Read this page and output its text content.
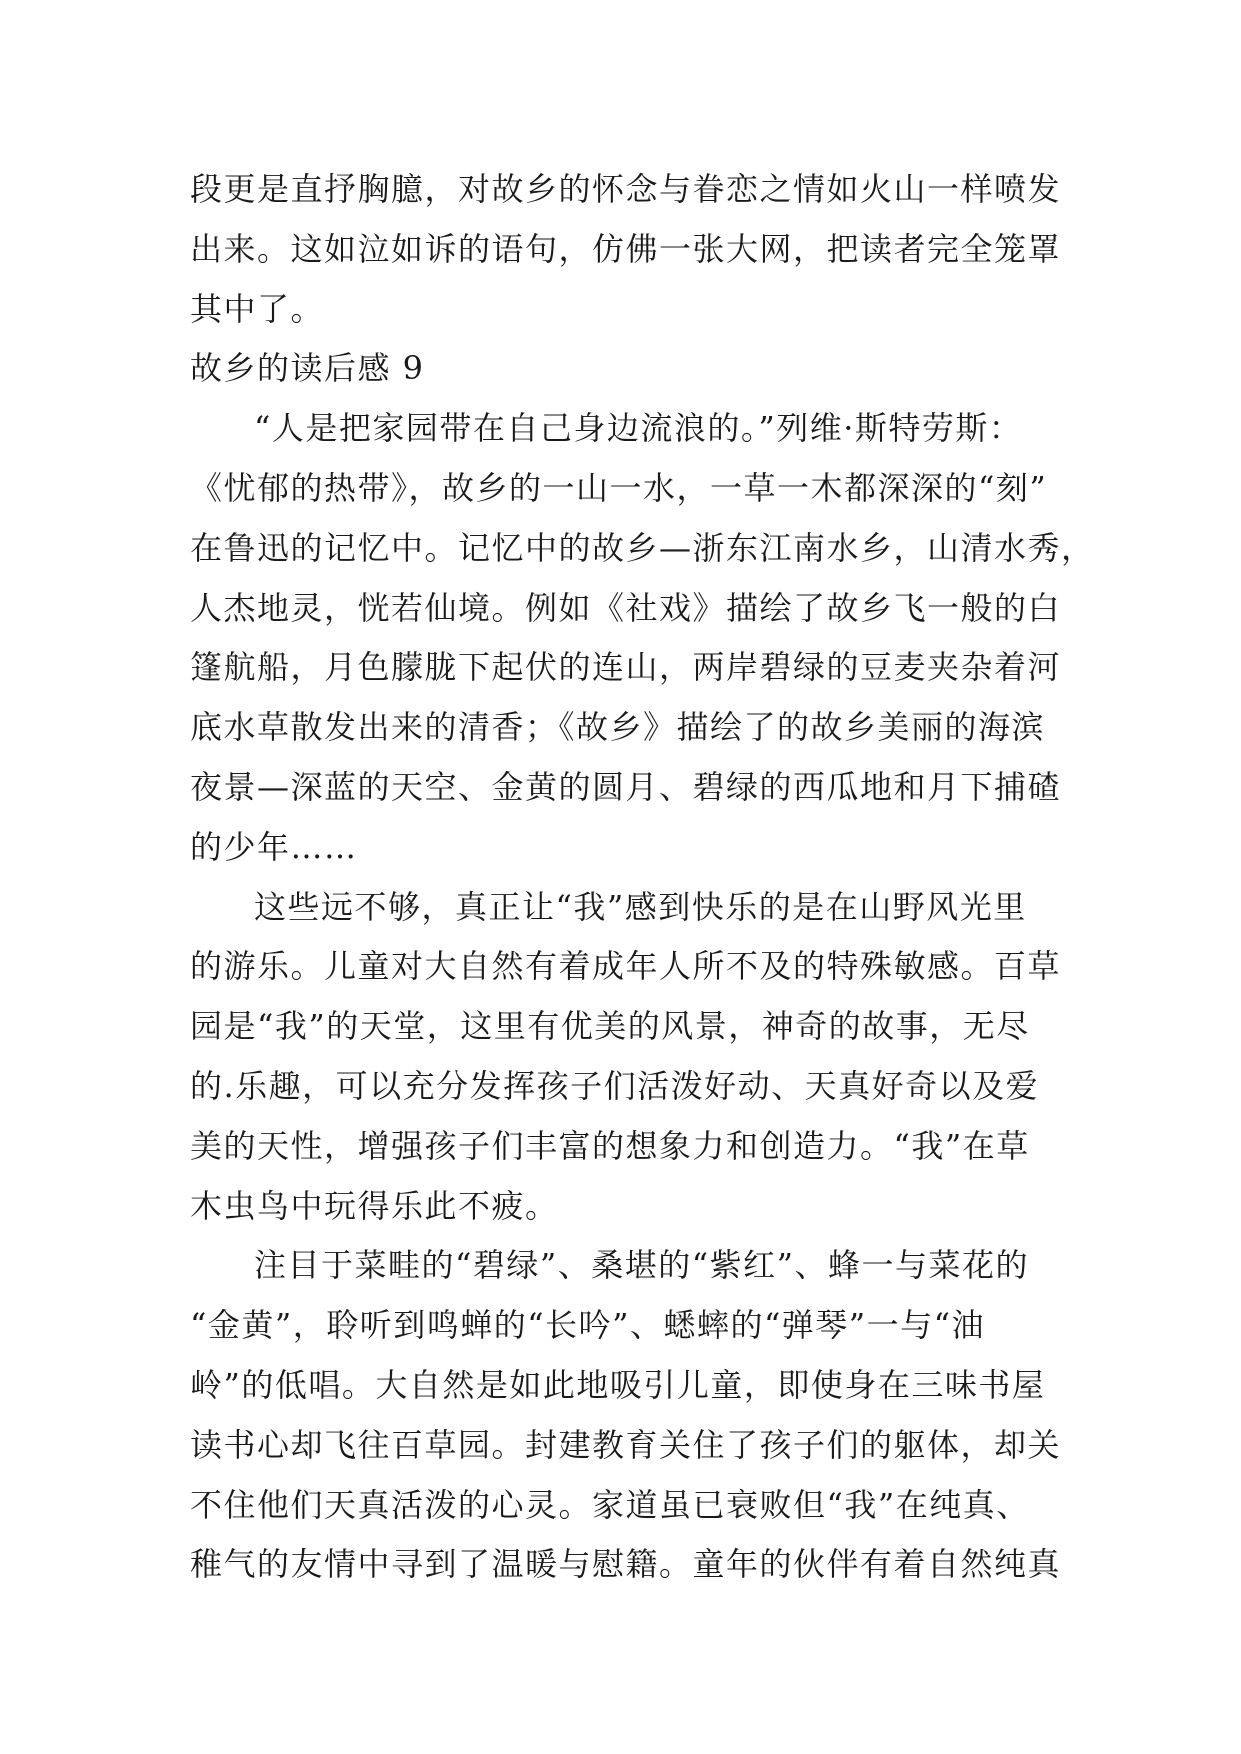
段更是直抒胸臆，对故乡的怀念与眷恋之情如火山一样喷发
出来。这如泣如诉的语句，仿佛一张大网，把读者完全笼罩
其中了。
故乡的读后感 9
“人是把家园带在自己身边流浪的。”列维·斯特劳斯：
《忧郁的热带》，故乡的一山一水，一草一木都深深的“刻”
在鲁迅的记忆中。记忆中的故乡—浙东江南水乡，山清水秀，
人杰地灵，恍若仙境。例如《社戏》描绘了故乡飞一般的白
篷航船，月色朦胧下起伏的连山，两岸碧绿的豆麦夹杂着河
底水草散发出来的清香；《故乡》描绘了的故乡美丽的海滨
夜景—深蓝的天空、金黄的圆月、碧绿的西瓜地和月下捕碴
的少年……
这些远不够，真正让“我”感到快乐的是在山野风光里
的游乐。儿童对大自然有着成年人所不及的特殊敏感。百草
园是“我”的天堂，这里有优美的风景，神奇的故事，无尽
的.乐趣，可以充分发挥孩子们活泼好动、天真好奇以及爱
美的天性，增强孩子们丰富的想象力和创造力。“我”在草
木虫鸟中玩得乐此不疲。
注目于菜畦的“碧绿”、桑堪的“紫红”、蜂一与菜花的
“金黄”，聆听到鸣蝉的“长吟”、蟋蟀的“弹琴”一与“油
岭”的低唱。大自然是如此地吸引儿童，即使身在三味书屋
读书心却飞往百草园。封建教育关住了孩子们的躯体，却关
不住他们天真活泼的心灵。家道虽已衰败但“我”在纯真、
稚气的友情中寻到了温暖与慰籍。童年的伙伴有着自然纯真
